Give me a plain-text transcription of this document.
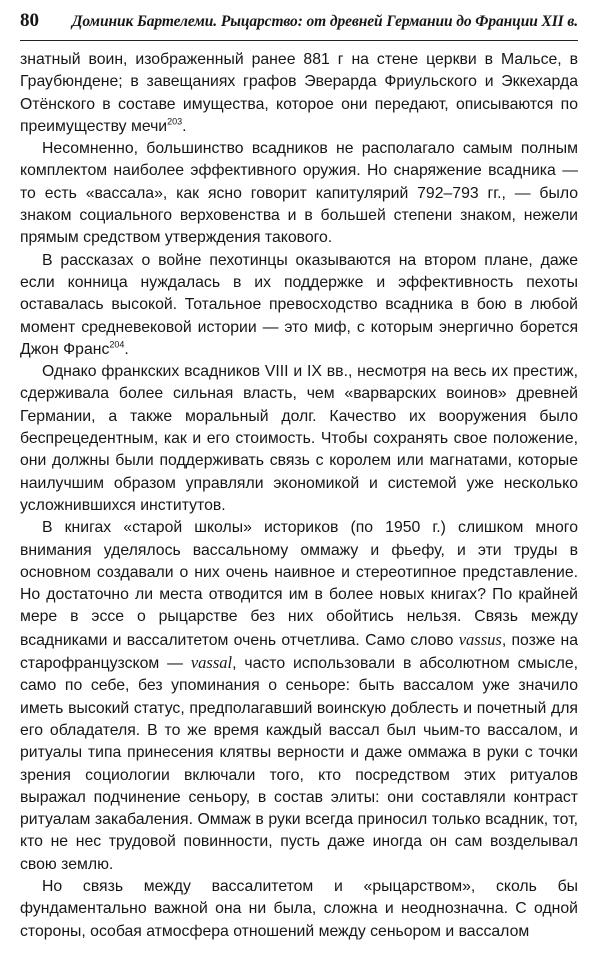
80	Доминик Бартелеми. Рыцарство: от древней Германии до Франции XII в.

знатный воин, изображенный ранее 881 г на стене церкви в Мальсе, в Граубюндене; в завещаниях графов Эверарда Фриульского и Эккехарда Отёнского в составе имущества, которое они передают, описываются по преимуществу мечи$^{203}$.

Несомненно, большинство всадников не располагало самым полным комплектом наиболее эффективного оружия. Но снаряжение всадника — то есть «вассала», как ясно говорит капитулярий 792–793 гг., — было знаком социального верховенства и в большей степени знаком, нежели прямым средством утверждения такового.

В рассказах о войне пехотинцы оказываются на втором плане, даже если конница нуждалась в их поддержке и эффективность пехоты оставалась высокой. Тотальное превосходство всадника в бою в любой момент средневековой истории — это миф, с которым энергично борется Джон Франс$^{204}$.

Однако франкских всадников VIII и IX вв., несмотря на весь их престиж, сдерживала более сильная власть, чем «варварских воинов» древней Германии, а также моральный долг. Качество их вооружения было беспрецедентным, как и его стоимость. Чтобы сохранять свое положение, они должны были поддерживать связь с королем или магнатами, которые наилучшим образом управляли экономикой и системой уже несколько усложнившихся институтов.

В книгах «старой школы» историков (по 1950 г.) слишком много внимания уделялось вассальному оммажу и фьефу, и эти труды в основном создавали о них очень наивное и стереотипное представление. Но достаточно ли места отводится им в более новых книгах? По крайней мере в эссе о рыцарстве без них обойтись нельзя. Связь между всадниками и вассалитетом очень отчетлива. Само слово vassus, позже на старофранцузском — vassal, часто использовали в абсолютном смысле, само по себе, без упоминания о сеньоре: быть вассалом уже значило иметь высокий статус, предполагавший воинскую доблесть и почетный для его обладателя. В то же время каждый вассал был чьим-то вассалом, и ритуалы типа принесения клятвы верности и даже оммажа в руки с точки зрения социологии включали того, кто посредством этих ритуалов выражал подчинение сеньору, в состав элиты: они составляли контраст ритуалам закабаления. Оммаж в руки всегда приносил только всадник, тот, кто не нес трудовой повинности, пусть даже иногда он сам возделывал свою землю.

Но связь между вассалитетом и «рыцарством», сколь бы фундаментально важной она ни была, сложна и неоднозначна. С одной стороны, особая атмосфера отношений между сеньором и вассалом
